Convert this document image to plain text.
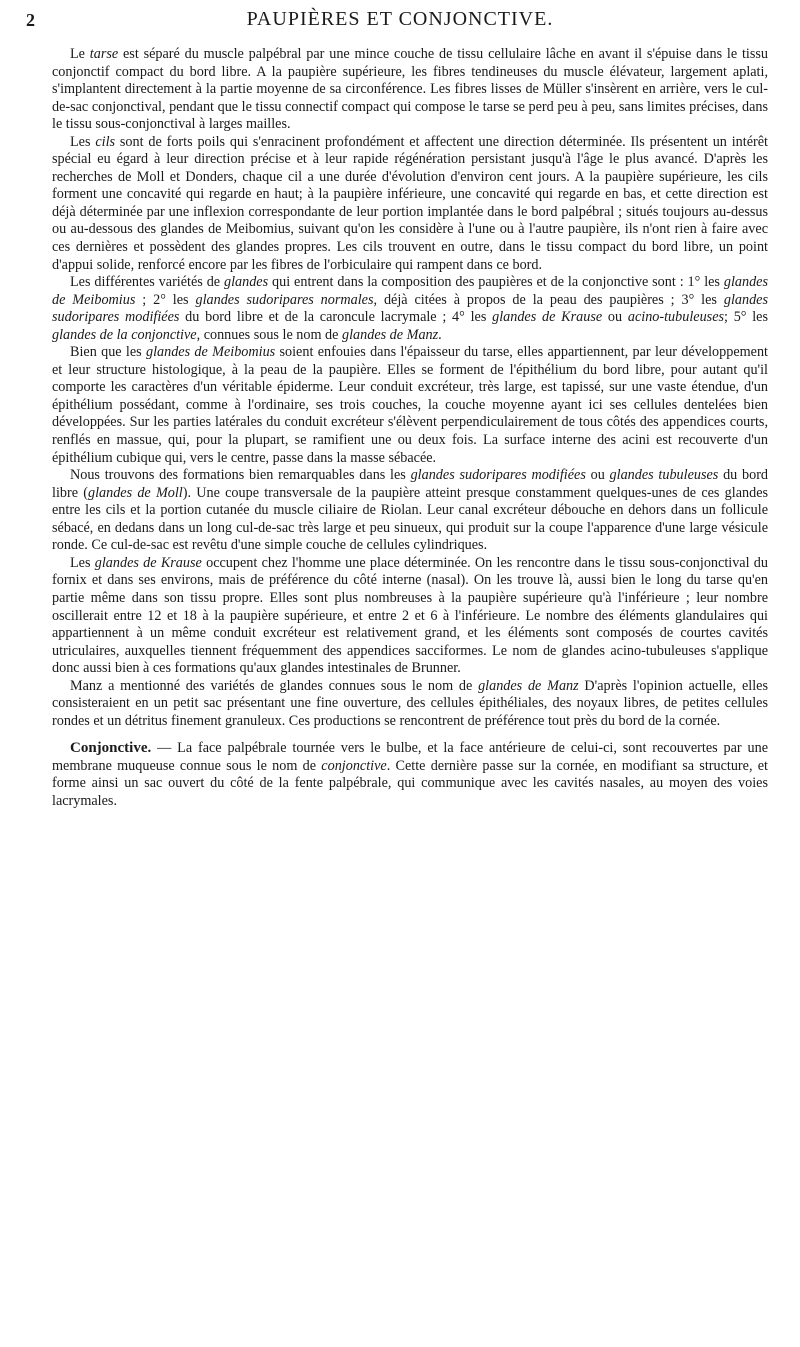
2	PAUPIÈRES ET CONJONCTIVE.

Le tarse est séparé du muscle palpébral par une mince couche de tissu cellulaire lâche en avant il s'épuise dans le tissu conjonctif compact du bord libre. A la paupière supérieure, les fibres tendineuses du muscle élévateur, largement aplati, s'implantent directement à la partie moyenne de sa circonférence. Les fibres lisses de Müller s'insèrent en arrière, vers le cul-de-sac conjonctival, pendant que le tissu connectif compact qui compose le tarse se perd peu à peu, sans limites précises, dans le tissu sous-conjonctival à larges mailles.

Les cils sont de forts poils qui s'enracinent profondément et affectent une direction déterminée. Ils présentent un intérêt spécial eu égard à leur direction précise et à leur rapide régénération persistant jusqu'à l'âge le plus avancé. D'après les recherches de Moll et Donders, chaque cil a une durée d'évolution d'environ cent jours. A la paupière supérieure, les cils forment une concavité qui regarde en haut; à la paupière inférieure, une concavité qui regarde en bas, et cette direction est déjà déterminée par une inflexion correspondante de leur portion implantée dans le bord palpébral ; situés toujours au-dessus ou au-dessous des glandes de Meibomius, suivant qu'on les considère à l'une ou à l'autre paupière, ils n'ont rien à faire avec ces dernières et possèdent des glandes propres. Les cils trouvent en outre, dans le tissu compact du bord libre, un point d'appui solide, renforcé encore par les fibres de l'orbiculaire qui rampent dans ce bord.

Les différentes variétés de glandes qui entrent dans la composition des paupières et de la conjonctive sont : 1° les glandes de Meibomius ; 2° les glandes sudoripares normales, déjà citées à propos de la peau des paupières ; 3° les glandes sudoripares modifiées du bord libre et de la caroncule lacrymale ; 4° les glandes de Krause ou acino-tubuleuses; 5° les glandes de la conjonctive, connues sous le nom de glandes de Manz.

Bien que les glandes de Meibomius soient enfouies dans l'épaisseur du tarse, elles appartiennent, par leur développement et leur structure histologique, à la peau de la paupière. Elles se forment de l'épithélium du bord libre, pour autant qu'il comporte les caractères d'un véritable épiderme. Leur conduit excréteur, très large, est tapissé, sur une vaste étendue, d'un épithélium possédant, comme à l'ordinaire, ses trois couches, la couche moyenne ayant ici ses cellules dentelées bien développées. Sur les parties latérales du conduit excréteur s'élèvent perpendiculairement de tous côtés des appendices courts, renflés en massue, qui, pour la plupart, se ramifient une ou deux fois. La surface interne des acini est recouverte d'un épithélium cubique qui, vers le centre, passe dans la masse sébacée.

Nous trouvons des formations bien remarquables dans les glandes sudoripares modifiées ou glandes tubuleuses du bord libre (glandes de Moll). Une coupe transversale de la paupière atteint presque constamment quelques-unes de ces glandes entre les cils et la portion cutanée du muscle ciliaire de Riolan. Leur canal excréteur débouche en dehors dans un follicule sébacé, en dedans dans un long cul-de-sac très large et peu sinueux, qui produit sur la coupe l'apparence d'une large vésicule ronde. Ce cul-de-sac est revêtu d'une simple couche de cellules cylindriques.

Les glandes de Krause occupent chez l'homme une place déterminée. On les rencontre dans le tissu sous-conjonctival du fornix et dans ses environs, mais de préférence du côté interne (nasal). On les trouve là, aussi bien le long du tarse qu'en partie même dans son tissu propre. Elles sont plus nombreuses à la paupière supérieure qu'à l'inférieure ; leur nombre oscillerait entre 12 et 18 à la paupière supérieure, et entre 2 et 6 à l'inférieure. Le nombre des éléments glandulaires qui appartiennent à un même conduit excréteur est relativement grand, et les éléments sont composés de courtes cavités utriculaires, auxquelles tiennent fréquemment des appendices sacciformes. Le nom de glandes acino-tubuleuses s'applique donc aussi bien à ces formations qu'aux glandes intestinales de Brunner.

Manz a mentionné des variétés de glandes connues sous le nom de glandes de Manz D'après l'opinion actuelle, elles consisteraient en un petit sac présentant une fine ouverture, des cellules épithéliales, des noyaux libres, de petites cellules rondes et un détritus finement granuleux. Ces productions se rencontrent de préférence tout près du bord de la cornée.

Conjonctive. — La face palpébrale tournée vers le bulbe, et la face antérieure de celui-ci, sont recouvertes par une membrane muqueuse connue sous le nom de conjonctive. Cette dernière passe sur la cornée, en modifiant sa structure, et forme ainsi un sac ouvert du côté de la fente palpébrale, qui communique avec les cavités nasales, au moyen des voies lacrymales.
